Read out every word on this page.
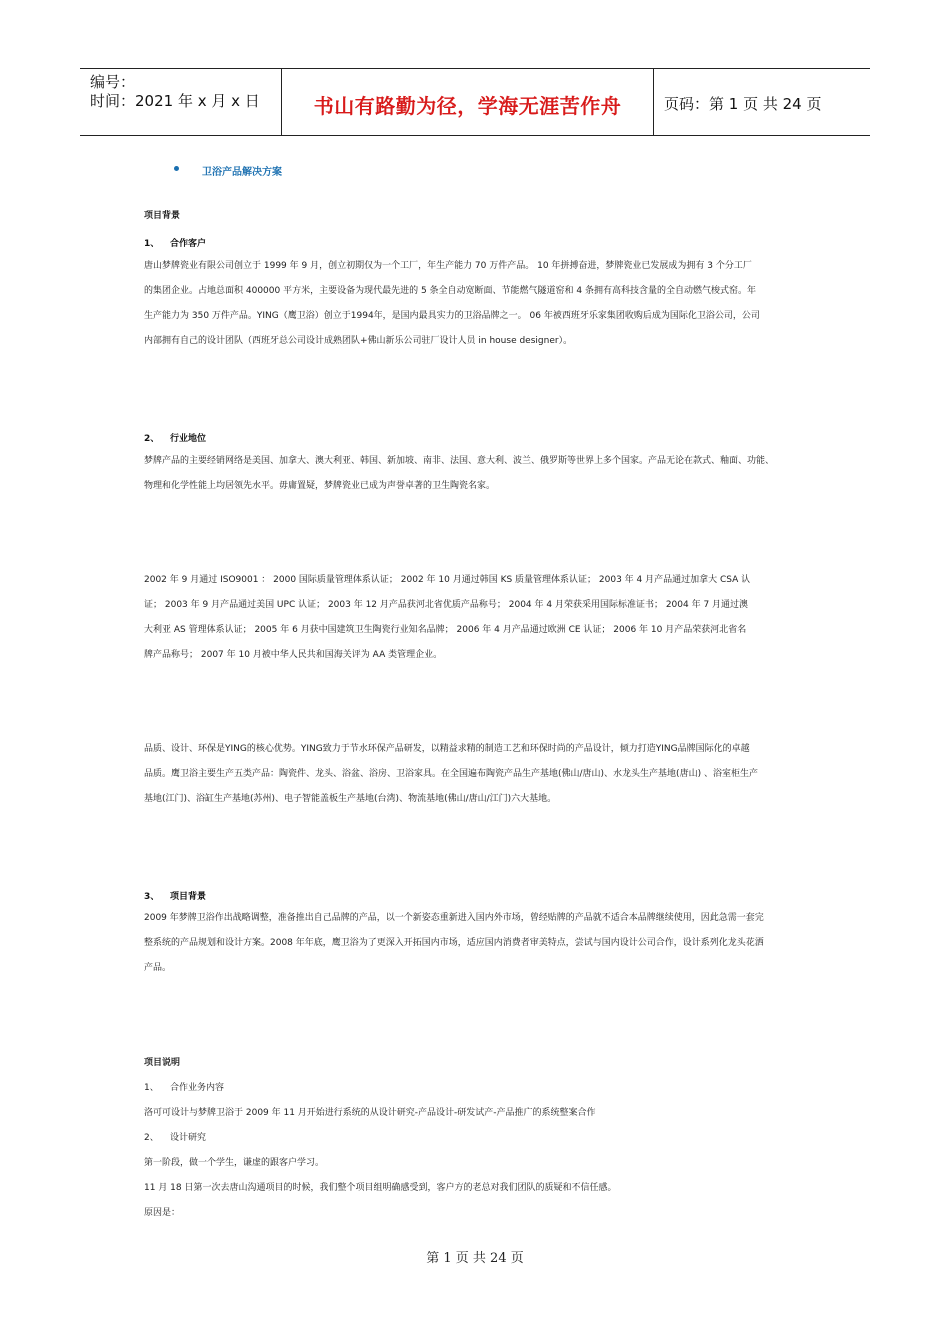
编号：
时间：2021 年 x 月 x 日	书山有路勤为径，学海无涯苦作舟	页码：第 1 页 共 24 页
卫浴产品解决方案
项目背景
1、 合作客户
唐山梦牌瓷业有限公司创立于 1999 年 9 月，创立初期仅为一个工厂，年生产能力 70 万件产品。 10 年拼搏奋进，梦牌瓷业已发展成为拥有 3 个分工厂
的集团企业。占地总面积 400000 平方米，主要设备为现代最先进的 5 条全自动宽断面、节能燃气隧道窑和 4 条拥有高科技含量的全自动燃气梭式窑。年
生产能力为 350 万件产品。YING（鹰卫浴）创立于1994年，是国内最具实力的卫浴品牌之一。 06 年被西班牙乐家集团收购后成为国际化卫浴公司，公司
内部拥有自己的设计团队（西班牙总公司设计成熟团队+佛山新乐公司驻厂设计人员 in house designer）。
2、 行业地位
梦牌产品的主要经销网络是美国、加拿大、澳大利亚、韩国、新加坡、南非、法国、意大利、波兰、俄罗斯等世界上多个国家。产品无论在款式、釉面、功能、
物理和化学性能上均居领先水平。毋庸置疑，梦牌瓷业已成为声誉卓著的卫生陶瓷名家。
2002 年 9 月通过 ISO9001 ： 2000 国际质量管理体系认证； 2002 年 10 月通过韩国 KS 质量管理体系认证； 2003 年 4 月产品通过加拿大 CSA 认
证； 2003 年 9 月产品通过美国 UPC 认证； 2003 年 12 月产品获河北省优质产品称号； 2004 年 4 月荣获采用国际标准证书； 2004 年 7 月通过澳
大利亚 AS 管理体系认证； 2005 年 6 月获中国建筑卫生陶瓷行业知名品牌； 2006 年 4 月产品通过欧洲 CE 认证； 2006 年 10 月产品荣获河北省名
牌产品称号； 2007 年 10 月被中华人民共和国海关评为 AA 类管理企业。
品质、设计、环保是YING的核心优势。YING致力于节水环保产品研发，以精益求精的制造工艺和环保时尚的产品设计，倾力打造YING品牌国际化的卓越
品质。鹰卫浴主要生产五类产品：陶瓷件、龙头、浴盆、浴房、卫浴家具。在全国遍布陶瓷产品生产基地(佛山/唐山)、水龙头生产基地(唐山) 、浴室柜生产
基地(江门)、浴缸生产基地(苏州)、电子智能盖板生产基地(台湾)、物流基地(佛山/唐山/江门)六大基地。
3、 项目背景
2009 年梦牌卫浴作出战略调整，准备推出自己品牌的产品，以一个新姿态重新进入国内外市场，曾经贴牌的产品就不适合本品牌继续使用，因此急需一套完
整系统的产品规划和设计方案。2008 年年底，鹰卫浴为了更深入开拓国内市场，适应国内消费者审美特点，尝试与国内设计公司合作，设计系列化龙头花洒
产品。
项目说明
1、 合作业务内容
洛可可设计与梦牌卫浴于 2009 年 11 月开始进行系统的从设计研究-产品设计-研发试产-产品推广的系统整案合作
2、 设计研究
第一阶段，做一个学生，谦虚的跟客户学习。
11 月 18 日第一次去唐山沟通项目的时候，我们整个项目组明确感受到，客户方的老总对我们团队的质疑和不信任感。
原因是：
第 1 页 共 24 页
